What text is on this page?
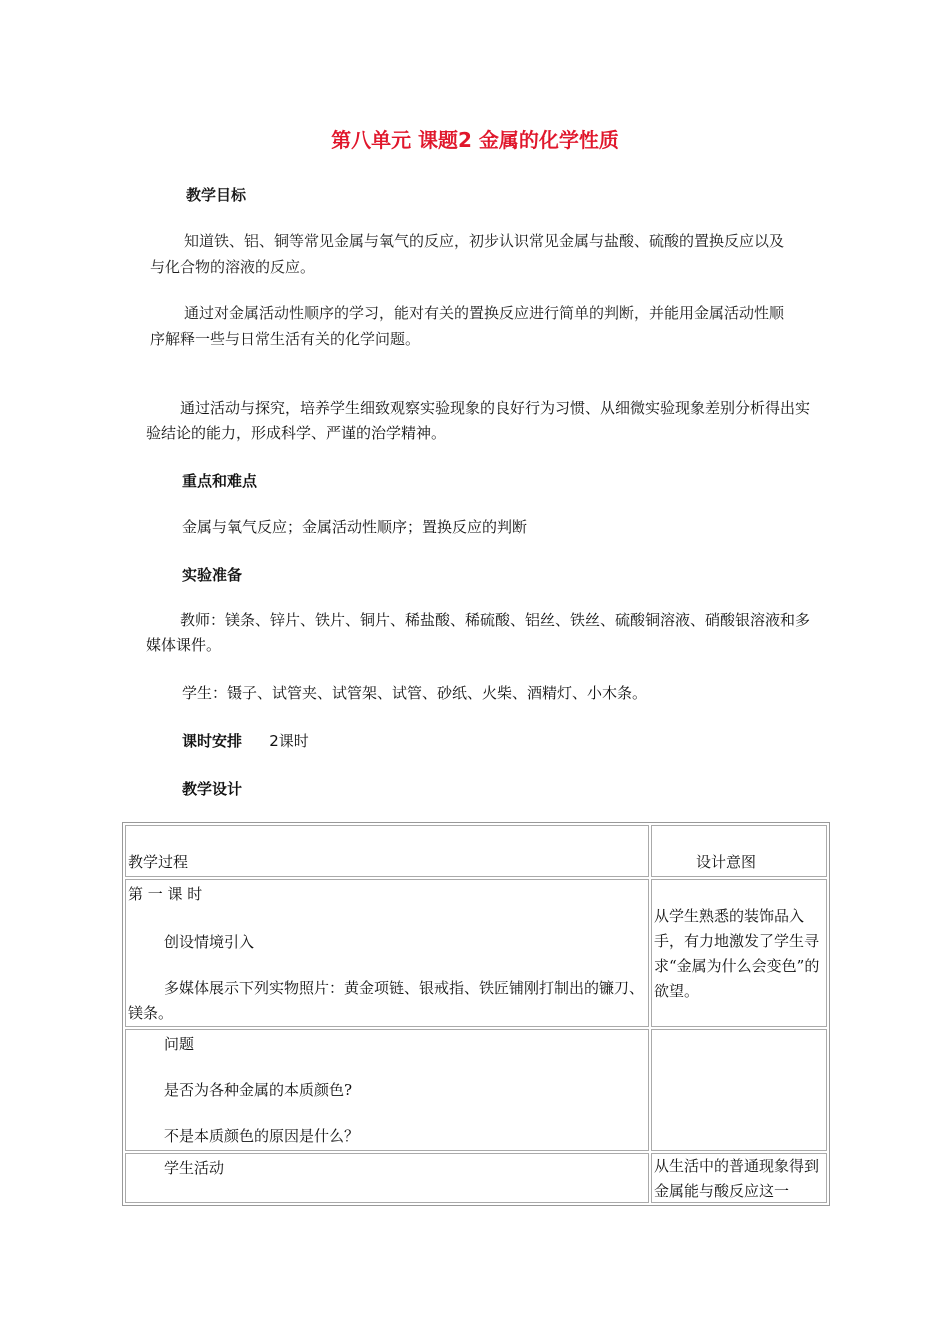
第八单元 课题2 金属的化学性质
教学目标
知道铁、铝、铜等常见金属与氧气的反应，初步认识常见金属与盐酸、硫酸的置换反应以及与化合物的溶液的反应。
通过对金属活动性顺序的学习，能对有关的置换反应进行简单的判断，并能用金属活动性顺序解释一些与日常生活有关的化学问题。
通过活动与探究，培养学生细致观察实验现象的良好行为习惯、从细微实验现象差别分析得出实验结论的能力，形成科学、严谨的治学精神。
重点和难点
金属与氧气反应；金属活动性顺序；置换反应的判断
实验准备
教师：镁条、锌片、铁片、铜片、稀盐酸、稀硫酸、铝丝、铁丝、硫酸铜溶液、硝酸银溶液和多媒体课件。
学生：镊子、试管夹、试管架、试管、砂纸、火柴、酒精灯、小木条。
课时安排 2课时
教学设计
教学过程	设计意图
第 一 课 时
创设情境引入
多媒体展示下列实物照片：黄金项链、银戒指、铁匠铺刚打制出的镰刀、镁条。
从学生熟悉的装饰品入手，有力地激发了学生寻求“金属为什么会变色”的欲望。
问题
是否为各种金属的本质颜色?
不是本质颜色的原因是什么？
学生活动	从生活中的普通现象得到金属能与酸反应这一
